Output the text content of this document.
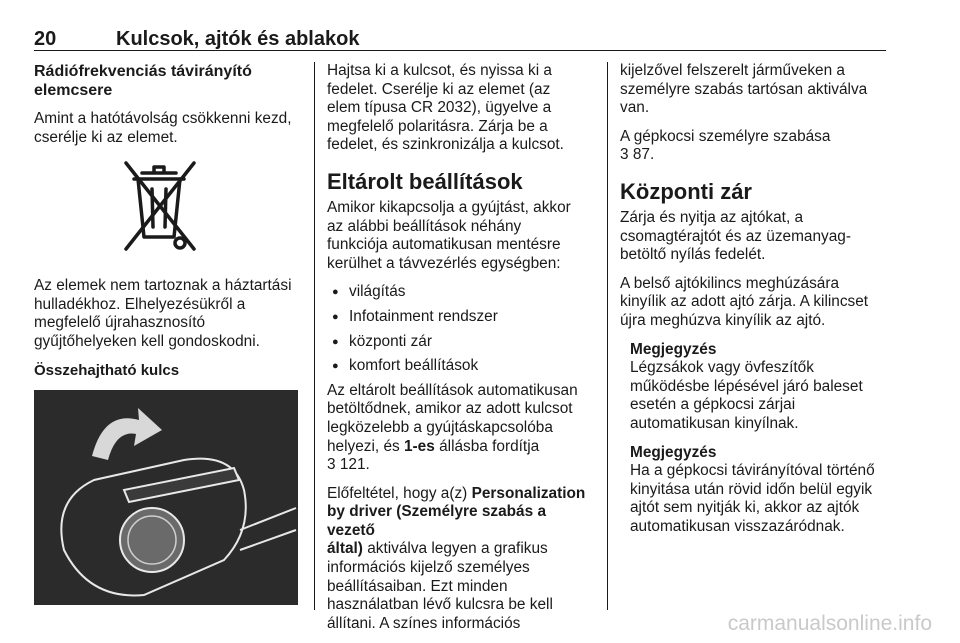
20	Kulcsok, ajtók és ablakok
Rádiófrekvenciás távirányító elemcsere

Amint a hatótávolság csökkenni kezd, cserélje ki az elemet.

Az elemek nem tartoznak a háztartási
hulladékhoz. Elhelyezésükről a
megfelelő újrahasznosító
gyűjtőhelyeken kell gondoskodni.

Összehajtható kulcs

Hajtsa ki a kulcsot, és nyissa ki a
fedelet. Cserélje ki az elemet (az
elem típusa CR 2032), ügyelve a
megfelelő polaritásra. Zárja be a
fedelet, és szinkronizálja a kulcsot.

Eltárolt beállítások

Amikor kikapcsolja a gyújtást, akkor
az alábbi beállítások néhány
funkciója automatikusan mentésre
kerülhet a távvezérlés egységben:

● világítás
● Infotainment rendszer
● központi zár
● komfort beállítások

Az eltárolt beállítások automatikusan
betöltődnek, amikor az adott kulcsot
legközelebb a gyújtáskapcsolóba
helyezi, és 1-es állásba fordítja
3 121.

Előfeltétel, hogy a(z) Personalization
by driver (Személyre szabás a vezető
által) aktiválva legyen a grafikus
információs kijelző személyes
beállításaiban. Ezt minden
használatban lévő kulcsra be kell
állítani. A színes információs

kijelzővel felszerelt járműveken a
személyre szabás tartósan aktiválva
van.

A gépkocsi személyre szabása
3 87.

Központi zár

Zárja és nyitja az ajtókat, a
csomagtérajtót és az üzemanyag-
betöltő nyílás fedelét.

A belső ajtókilincs meghúzására
kinyílik az adott ajtó zárja. A kilincset
újra meghúzva kinyílik az ajtó.

Megjegyzés

Légzsákok vagy övfeszítők
működésbe lépésével járó baleset
esetén a gépkocsi zárjai
automatikusan kinyílnak.

Megjegyzés

Ha a gépkocsi távirányítóval történő
kinyitása után rövid időn belül egyik
ajtót sem nyitják ki, akkor az ajtók
automatikusan visszazáródnak.

carmanualsonline.info
